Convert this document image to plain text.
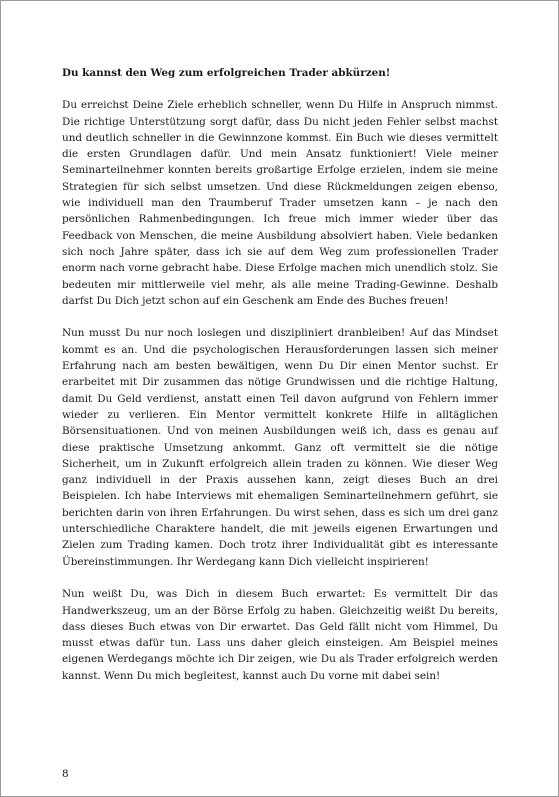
Du kannst den Weg zum erfolgreichen Trader abkürzen!

Du erreichst Deine Ziele erheblich schneller, wenn Du Hilfe in Anspruch nimmst. Die richtige Unterstützung sorgt dafür, dass Du nicht jeden Fehler selbst machst und deutlich schneller in die Gewinnzone kommst. Ein Buch wie dieses vermittelt die ersten Grundlagen dafür. Und mein Ansatz funktioniert! Viele meiner Seminarteilnehmer konnten bereits großartige Erfolge erzielen, indem sie meine Strategien für sich selbst umsetzen. Und diese Rückmeldungen zeigen ebenso, wie individuell man den Traumberuf Trader umsetzen kann – je nach den persönlichen Rahmenbedingungen. Ich freue mich immer wieder über das Feedback von Menschen, die meine Ausbildung absolviert haben. Viele bedanken sich noch Jahre später, dass ich sie auf dem Weg zum professionellen Trader enorm nach vorne gebracht habe. Diese Erfolge machen mich unendlich stolz. Sie bedeuten mir mittlerweile viel mehr, als alle meine Trading-Gewinne. Deshalb darfst Du Dich jetzt schon auf ein Geschenk am Ende des Buches freuen!

Nun musst Du nur noch loslegen und diszipliniert dranbleiben! Auf das Mindset kommt es an. Und die psychologischen Herausforderungen lassen sich meiner Erfahrung nach am besten bewältigen, wenn Du Dir einen Mentor suchst. Er erarbeitet mit Dir zusammen das nötige Grundwissen und die richtige Haltung, damit Du Geld verdienst, anstatt einen Teil davon aufgrund von Fehlern immer wieder zu verlieren. Ein Mentor vermittelt konkrete Hilfe in alltäglichen Börsensituationen. Und von meinen Ausbildungen weiß ich, dass es genau auf diese praktische Umsetzung ankommt. Ganz oft vermittelt sie die nötige Sicherheit, um in Zukunft erfolgreich allein traden zu können. Wie dieser Weg ganz individuell in der Praxis aussehen kann, zeigt dieses Buch an drei Beispielen. Ich habe Interviews mit ehemaligen Seminarteilnehmern geführt, sie berichten darin von ihren Erfahrungen. Du wirst sehen, dass es sich um drei ganz unterschiedliche Charaktere handelt, die mit jeweils eigenen Erwartungen und Zielen zum Trading kamen. Doch trotz ihrer Individualität gibt es interessante Übereinstimmungen. Ihr Werdegang kann Dich vielleicht inspirieren!

Nun weißt Du, was Dich in diesem Buch erwartet: Es vermittelt Dir das Handwerkszeug, um an der Börse Erfolg zu haben. Gleichzeitig weißt Du bereits, dass dieses Buch etwas von Dir erwartet. Das Geld fällt nicht vom Himmel, Du musst etwas dafür tun. Lass uns daher gleich einsteigen. Am Beispiel meines eigenen Werdegangs möchte ich Dir zeigen, wie Du als Trader erfolgreich werden kannst. Wenn Du mich begleitest, kannst auch Du vorne mit dabei sein!

8
